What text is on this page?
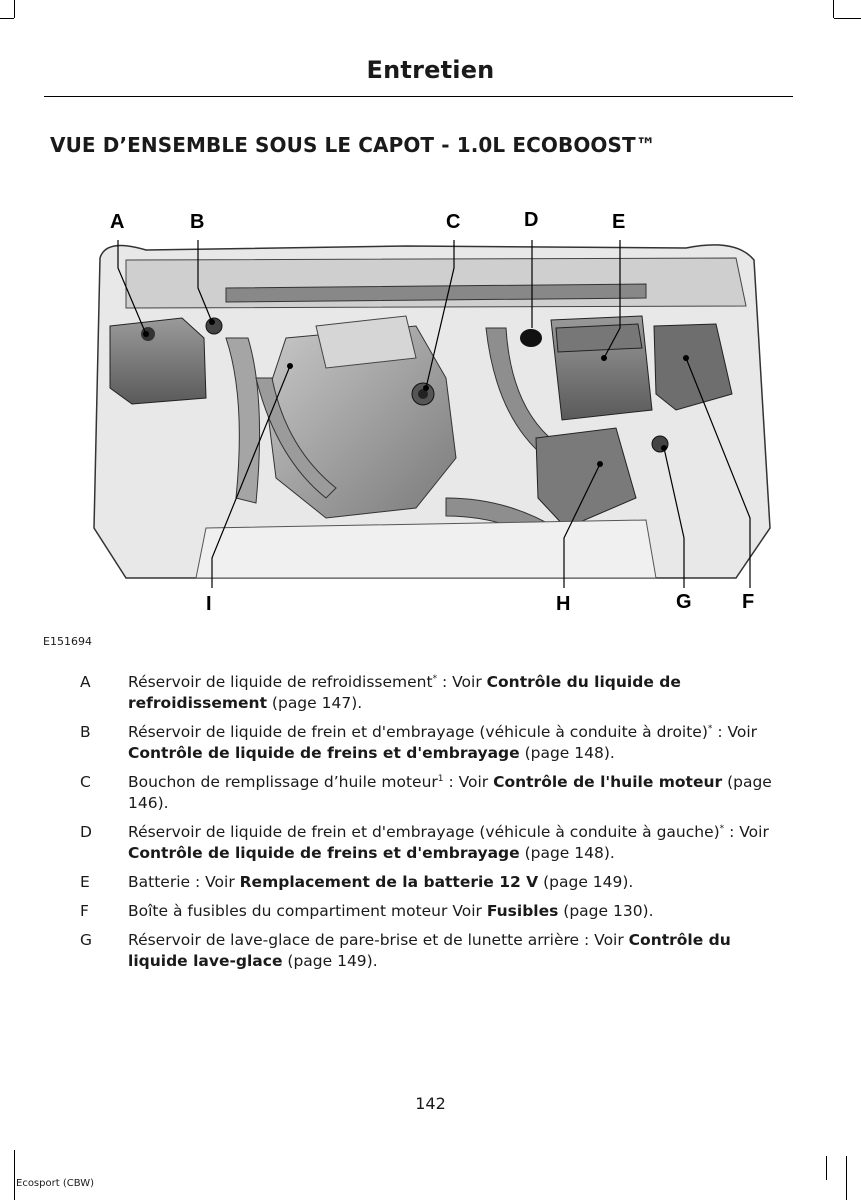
Entretien
VUE D’ENSEMBLE SOUS LE CAPOT - 1.0L ECOBOOST™
A	B	C	D	E
F
G
H
I
E151694
A	Réservoir de liquide de refroidissement* : Voir Contrôle du liquide de refroidissement (page 147).
B	Réservoir de liquide de frein et d'embrayage (véhicule à conduite à droite)* : Voir Contrôle de liquide de freins et d'embrayage (page 148).
C	Bouchon de remplissage d’huile moteur$^1$ : Voir Contrôle de l'huile moteur (page 146).
D	Réservoir de liquide de frein et d'embrayage (véhicule à conduite à gauche)* : Voir Contrôle de liquide de freins et d'embrayage (page 148).
E	Batterie : Voir Remplacement de la batterie 12 V (page 149).
F	Boîte à fusibles du compartiment moteur Voir Fusibles (page 130).
G	Réservoir de lave-glace de pare-brise et de lunette arrière : Voir Contrôle du liquide lave-glace (page 149).
142
Ecosport (CBW)
